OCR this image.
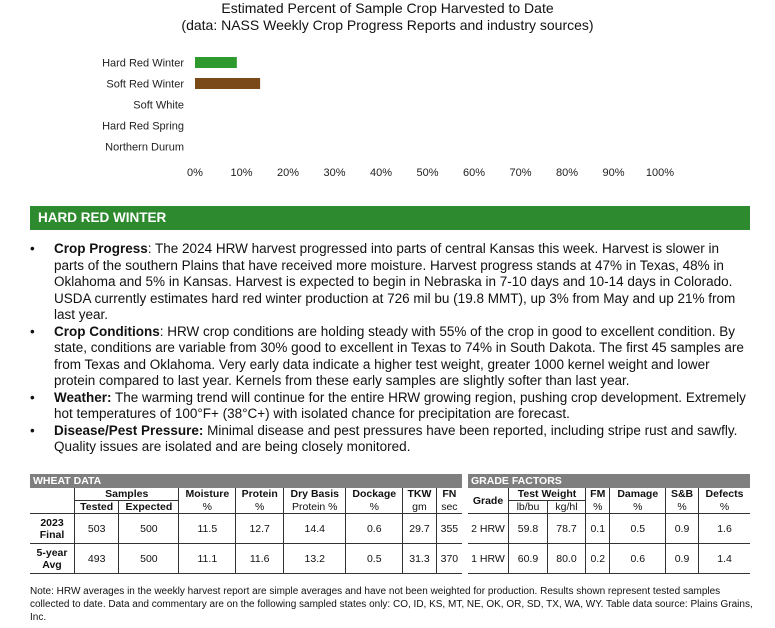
Estimated Percent of Sample Crop Harvested to Date
(data: NASS Weekly Crop Progress Reports and industry sources)
Hard Red Winter
Soft Red Winter
Soft White
Hard Red Spring
Northern Durum
0%	10% 20% 30% 40% 50% 60% 70% 80% 90% 100%
HARD RED WINTER
• Crop Progress: The 2024 HRW harvest progressed into parts of central Kansas this week. Harvest is slower in parts of the southern Plains that have received more moisture. Harvest progress stands at 47% in Texas, 48% in Oklahoma and 5% in Kansas. Harvest is expected to begin in Nebraska in 7-10 days and 10-14 days in Colorado. USDA currently estimates hard red winter production at 726 mil bu (19.8 MMT), up 3% from May and up 21% from last year.
• Crop Conditions: HRW crop conditions are holding steady with 55% of the crop in good to excellent condition. By state, conditions are variable from 30% good to excellent in Texas to 74% in South Dakota. The first 45 samples are from Texas and Oklahoma. Very early data indicate a higher test weight, greater 1000 kernel weight and lower protein compared to last year. Kernels from these early samples are slightly softer than last year.
• Weather: The warming trend will continue for the entire HRW growing region, pushing crop development. Extremely hot temperatures of 100°F+ (38°C+) with isolated chance for precipitation are forecast.
• Disease/Pest Pressure: Minimal disease and pest pressures have been reported, including stripe rust and sawfly. Quality issues are isolated and are being closely monitored.
WHEAT DATA								
	Samples		Moisture	Protein	Dry Basis	Dockage	TKW	FN
	Tested	Expected	%	%	Protein %	%	gm	sec
2023
Final	503	500	11.5	12.7	14.4	0.6	29.7	355
5-year
Avg	493	500	11.1	11.6	13.2	0.5	31.3	370
GRADE FACTORS						
Grade	Test Weight		FM	Damage	S&B	Defects
	lb/bu	kg/hl	%	%	%	%
2 HRW	59.8	78.7	0.1	0.5	0.9	1.6
1 HRW	60.9	80.0	0.2	0.6	0.9	1.4
Note: HRW averages in the weekly harvest report are simple averages and have not been weighted for production. Results shown represent tested samples collected to date. Data and commentary are on the following sampled states only: CO, ID, KS, MT, NE, OK, OR, SD, TX, WA, WY. Table data source: Plains Grains, Inc.
